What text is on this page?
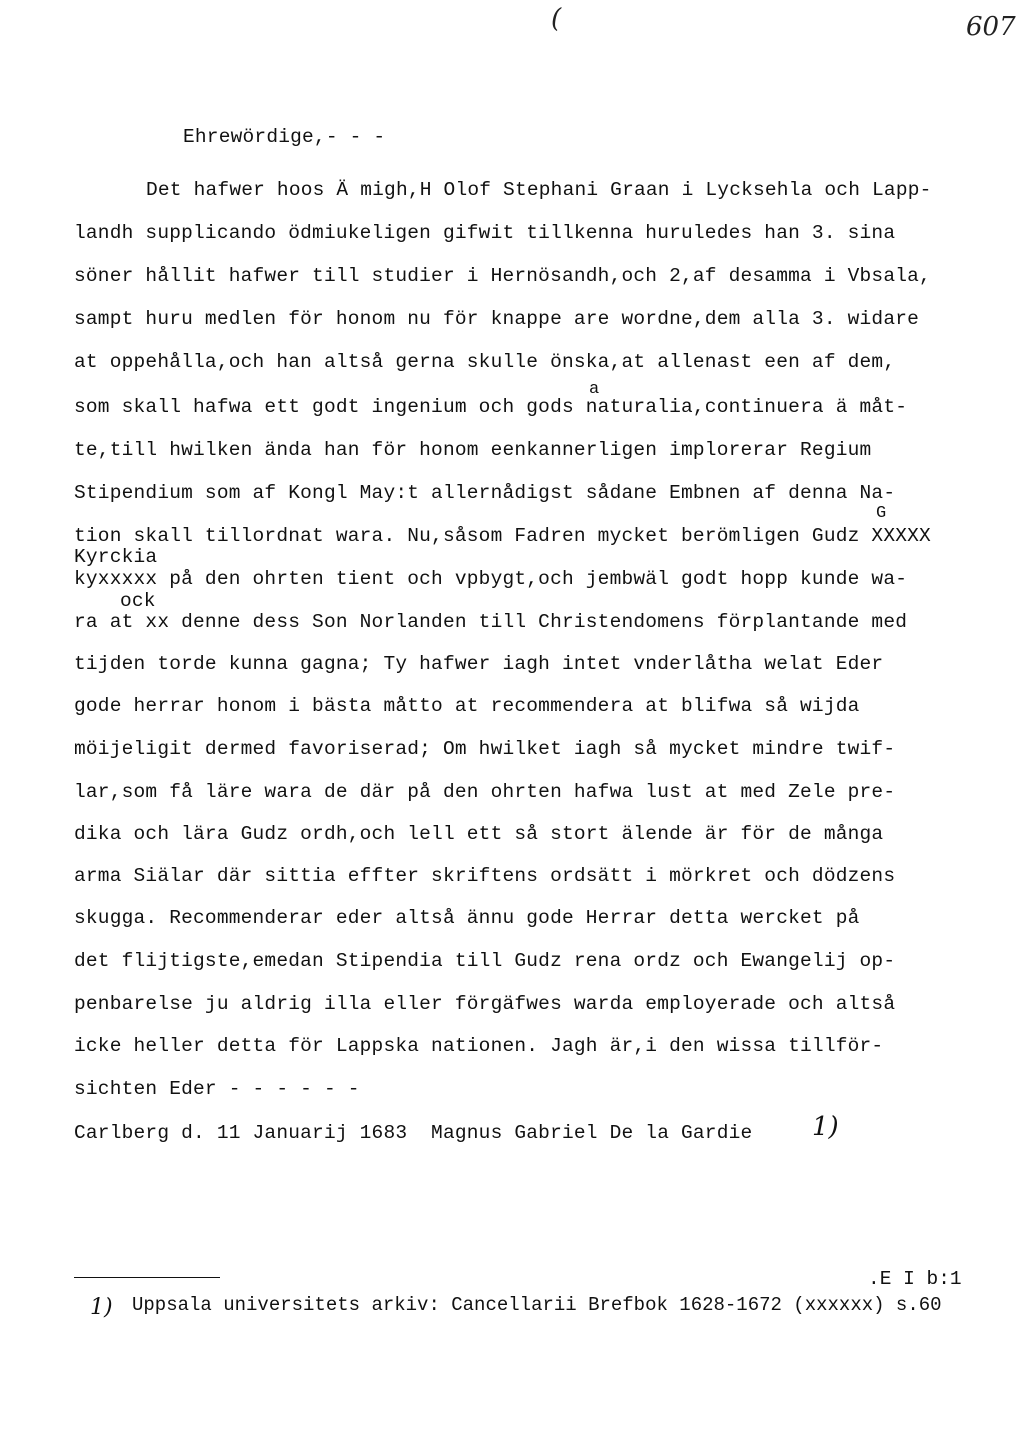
(	607
Ehrewördige,- - -
Det hafwer hoos Ä migh,H Olof Stephani Graan i Lycksehla och Lapp-
landh supplicando ödmiukeligen gifwit tillkenna huruledes han 3. sina
söner hållit hafwer till studier i Hernösandh,och 2,af desamma i Vbsala,
sampt huru medlen för honom nu för knappe are wordne,dem alla 3. widare
at oppehålla,och han altså gerna skulle önska,at allenast een af dem,
a
som skall hafwa ett godt ingenium och gods naturalia,continuera ä måt-
te,till hwilken ända han för honom eenkannerligen implorerar Regium
Stipendium som af Kongl May:t allernådigst sådane Embnen af denna Na-
G
tion skall tillordnat wara. Nu,såsom Fadren mycket berömligen Gudz XXXXX
Kyrckia
kyxxxxx på den ohrten tient och vpbygt,och jembwäl godt hopp kunde wa-
ock
ra at xx denne dess Son Norlanden till Christendomens förplantande med
tijden torde kunna gagna; Ty hafwer iagh intet vnderlåtha welat Eder
gode herrar honom i bästa måtto at recommendera at blifwa så wijda
möijeligit dermed favoriserad; Om hwilket iagh så mycket mindre twif-
lar,som få läre wara de där på den ohrten hafwa lust at med Zele pre-
dika och lära Gudz ordh,och lell ett så stort älende är för de många
arma Siälar där sittia effter skriftens ordsätt i mörkret och dödzens
skugga. Recommenderar eder altså ännu gode Herrar detta wercket på
det flijtigste,emedan Stipendia till Gudz rena ordz och Ewangelij op-
penbarelse ju aldrig illa eller förgäfwes warda employerade och altså
icke heller detta för Lappska nationen. Jagh är,i den wissa tillför-
sichten Eder - - - - - -
Carlberg d. 11 Januarij 1683  Magnus Gabriel De la Gardie 1)
.E I b:1
1) Uppsala universitets arkiv: Cancellarii Brefbok 1628-1672 (xxxxxx) s.60
